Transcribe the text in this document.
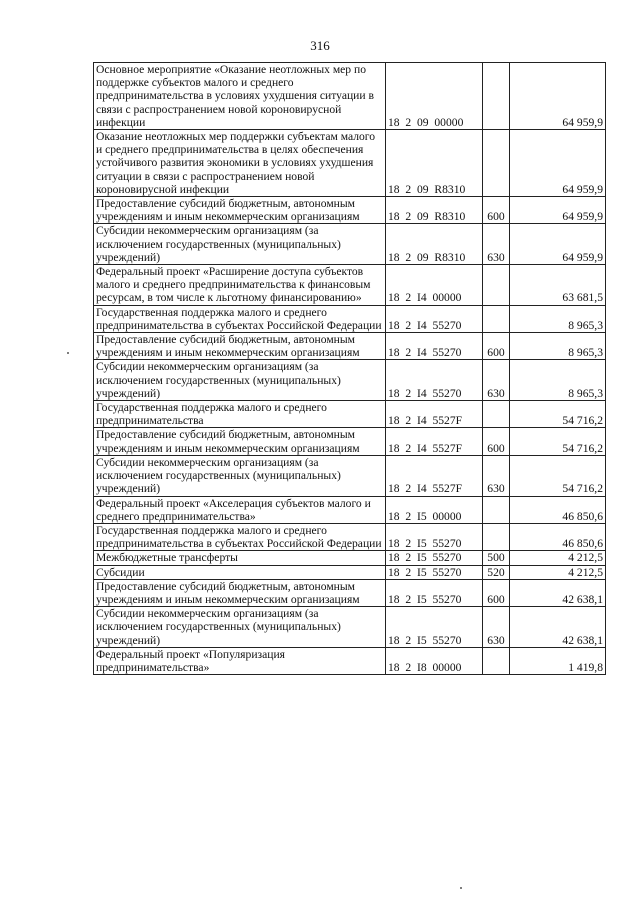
316
Основное мероприятие «Оказание неотложных мер по поддержке субъектов малого и среднего предпринимательства в условиях ухудшения ситуации в связи с распространением новой короновирусной инфекции	18  2  09  00000		64 959,9
Оказание неотложных мер поддержки субъектам малого и среднего предпринимательства в целях обеспечения устойчивого развития экономики в условиях ухудшения ситуации в связи с распространением новой короновирусной инфекции	18  2  09  R8310		64 959,9
Предоставление субсидий бюджетным, автономным учреждениям и иным некоммерческим организациям	18  2  09  R8310	600	64 959,9
Субсидии некоммерческим организациям (за исключением государственных (муниципальных) учреждений)	18  2  09  R8310	630	64 959,9
Федеральный проект «Расширение доступа субъектов малого и среднего предпринимательства к финансовым ресурсам, в том числе к льготному финансированию»	18  2  I4  00000		63 681,5
Государственная поддержка малого и среднего предпринимательства в субъектах Российской Федерации	18  2  I4  55270		8 965,3
Предоставление субсидий бюджетным, автономным учреждениям и иным некоммерческим организациям	18  2  I4  55270	600	8 965,3
Субсидии некоммерческим организациям (за исключением государственных (муниципальных) учреждений)	18  2  I4  55270	630	8 965,3
Государственная поддержка малого и среднего предпринимательства	18  2  I4  5527F		54 716,2
Предоставление субсидий бюджетным, автономным учреждениям и иным некоммерческим организациям	18  2  I4  5527F	600	54 716,2
Субсидии некоммерческим организациям (за исключением государственных (муниципальных) учреждений)	18  2  I4  5527F	630	54 716,2
Федеральный проект «Акселерация субъектов малого и среднего предпринимательства»	18  2  I5  00000		46 850,6
Государственная поддержка малого и среднего предпринимательства в субъектах Российской Федерации	18  2  I5  55270		46 850,6
Межбюджетные трансферты	18  2  I5  55270	500	4 212,5
Субсидии	18  2  I5  55270	520	4 212,5
Предоставление субсидий бюджетным, автономным учреждениям и иным некоммерческим организациям	18  2  I5  55270	600	42 638,1
Субсидии некоммерческим организациям (за исключением государственных (муниципальных) учреждений)	18  2  I5  55270	630	42 638,1
Федеральный проект «Популяризация предпринимательства»	18  2  I8  00000		1 419,8
